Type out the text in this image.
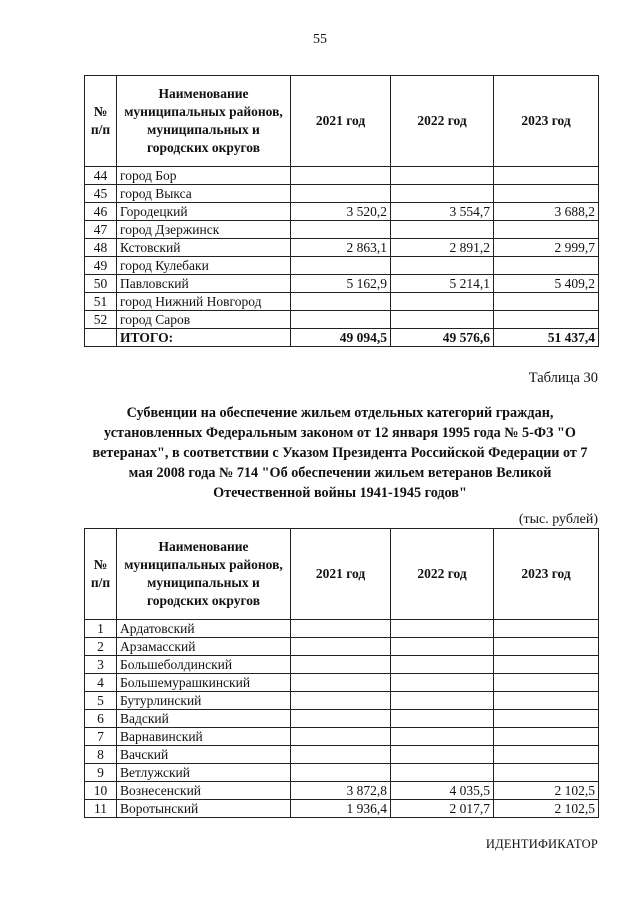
55
№ п/п	Наименование муниципальных районов, муниципальных и городских округов	2021 год	2022 год	2023 год
44	город Бор			
45	город Выкса			
46	Городецкий	3 520,2	3 554,7	3 688,2
47	город Дзержинск			
48	Кстовский	2 863,1	2 891,2	2 999,7
49	город Кулебаки			
50	Павловский	5 162,9	5 214,1	5 409,2
51	город Нижний Новгород			
52	город Саров			
	ИТОГО:	49 094,5	49 576,6	51 437,4
Таблица 30
Субвенции на обеспечение жильем отдельных категорий граждан, установленных Федеральным законом от 12 января 1995 года № 5-ФЗ "О ветеранах", в соответствии с Указом Президента Российской Федерации от 7 мая 2008 года № 714 "Об обеспечении жильем ветеранов Великой Отечественной войны 1941-1945 годов"
(тыс. рублей)
№ п/п	Наименование муниципальных районов, муниципальных и городских округов	2021 год	2022 год	2023 год
1	Ардатовский			
2	Арзамасский			
3	Большеболдинский			
4	Большемурашкинский			
5	Бутурлинский			
6	Вадский			
7	Варнавинский			
8	Вачский			
9	Ветлужский			
10	Вознесенский	3 872,8	4 035,5	2 102,5
11	Воротынский	1 936,4	2 017,7	2 102,5
ИДЕНТИФИКАТОР
